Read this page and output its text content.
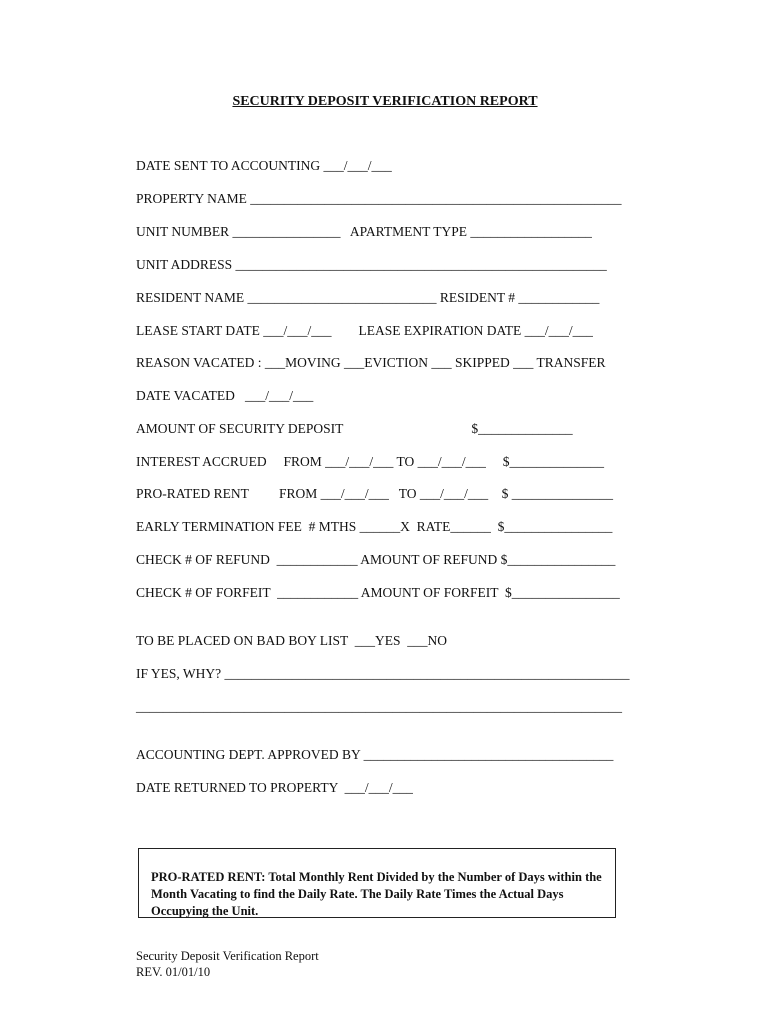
SECURITY DEPOSIT VERIFICATION REPORT
DATE SENT TO ACCOUNTING ___/___/___
PROPERTY NAME _______________________________________________________
UNIT NUMBER ________________   APARTMENT TYPE __________________
UNIT ADDRESS _______________________________________________________
RESIDENT NAME ____________________________ RESIDENT # ____________
LEASE START DATE ___/___/___        LEASE EXPIRATION DATE ___/___/___
REASON VACATED : ___MOVING ___EVICTION ___ SKIPPED ___ TRANSFER
DATE VACATED   ___/___/___
AMOUNT OF SECURITY DEPOSIT                                      $______________
INTEREST ACCRUED     FROM ___/___/___ TO ___/___/___     $______________
PRO-RATED RENT         FROM ___/___/___   TO ___/___/___    $ _______________
EARLY TERMINATION FEE  # MTHS ______X  RATE______  $________________
CHECK # OF REFUND  ____________ AMOUNT OF REFUND $________________
CHECK # OF FORFEIT  ____________ AMOUNT OF FORFEIT  $________________
TO BE PLACED ON BAD BOY LIST  ___YES  ___NO
IF YES, WHY? ____________________________________________________________
________________________________________________________________________
ACCOUNTING DEPT. APPROVED BY _____________________________________
DATE RETURNED TO PROPERTY  ___/___/___
PRO-RATED RENT: Total Monthly Rent Divided by the Number of Days within the Month Vacating to find the Daily Rate. The Daily Rate Times the Actual Days Occupying the Unit.
Security Deposit Verification Report
REV. 01/01/10
